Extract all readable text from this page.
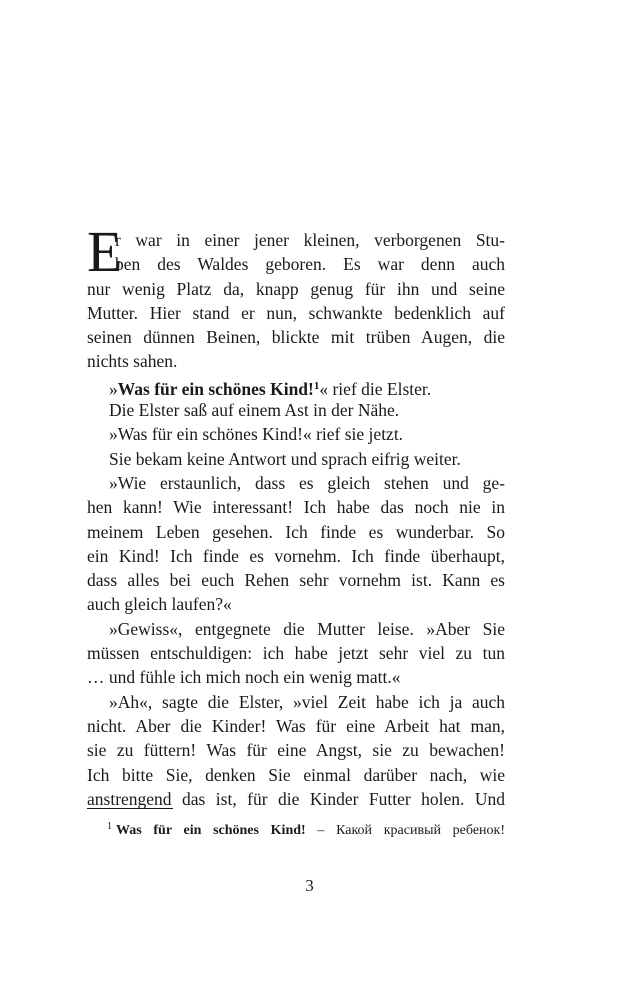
E
r war in einer jener kleinen, verborgenen Stu-
ben des Waldes geboren. Es war denn auch
nur wenig Platz da, knapp genug für ihn und seine
Mutter. Hier stand er nun, schwankte bedenklich auf
seinen dünnen Beinen, blickte mit trüben Augen, die
nichts sahen.
»Was für ein schönes Kind!$^1$« rief die Elster.
Die Elster saß auf einem Ast in der Nähe.
»Was für ein schönes Kind!« rief sie jetzt.
Sie bekam keine Antwort und sprach eifrig weiter.
»Wie erstaunlich, dass es gleich stehen und ge-
hen kann! Wie interessant! Ich habe das noch nie in
meinem Leben gesehen. Ich finde es wunderbar. So
ein Kind! Ich finde es vornehm. Ich finde überhaupt,
dass alles bei euch Rehen sehr vornehm ist. Kann es
auch gleich laufen?«
»Gewiss«, entgegnete die Mutter leise. »Aber Sie
müssen entschuldigen: ich habe jetzt sehr viel zu tun
… und fühle ich mich noch ein wenig matt.«
»Ah«, sagte die Elster, »viel Zeit habe ich ja auch
nicht. Aber die Kinder! Was für eine Arbeit hat man,
sie zu füttern! Was für eine Angst, sie zu bewachen!
Ich bitte Sie, denken Sie einmal darüber nach, wie
anstrengend das ist, für die Kinder Futter holen. Und
$^1$ Was für ein schönes Kind! – Какой красивый ребенок!
3
